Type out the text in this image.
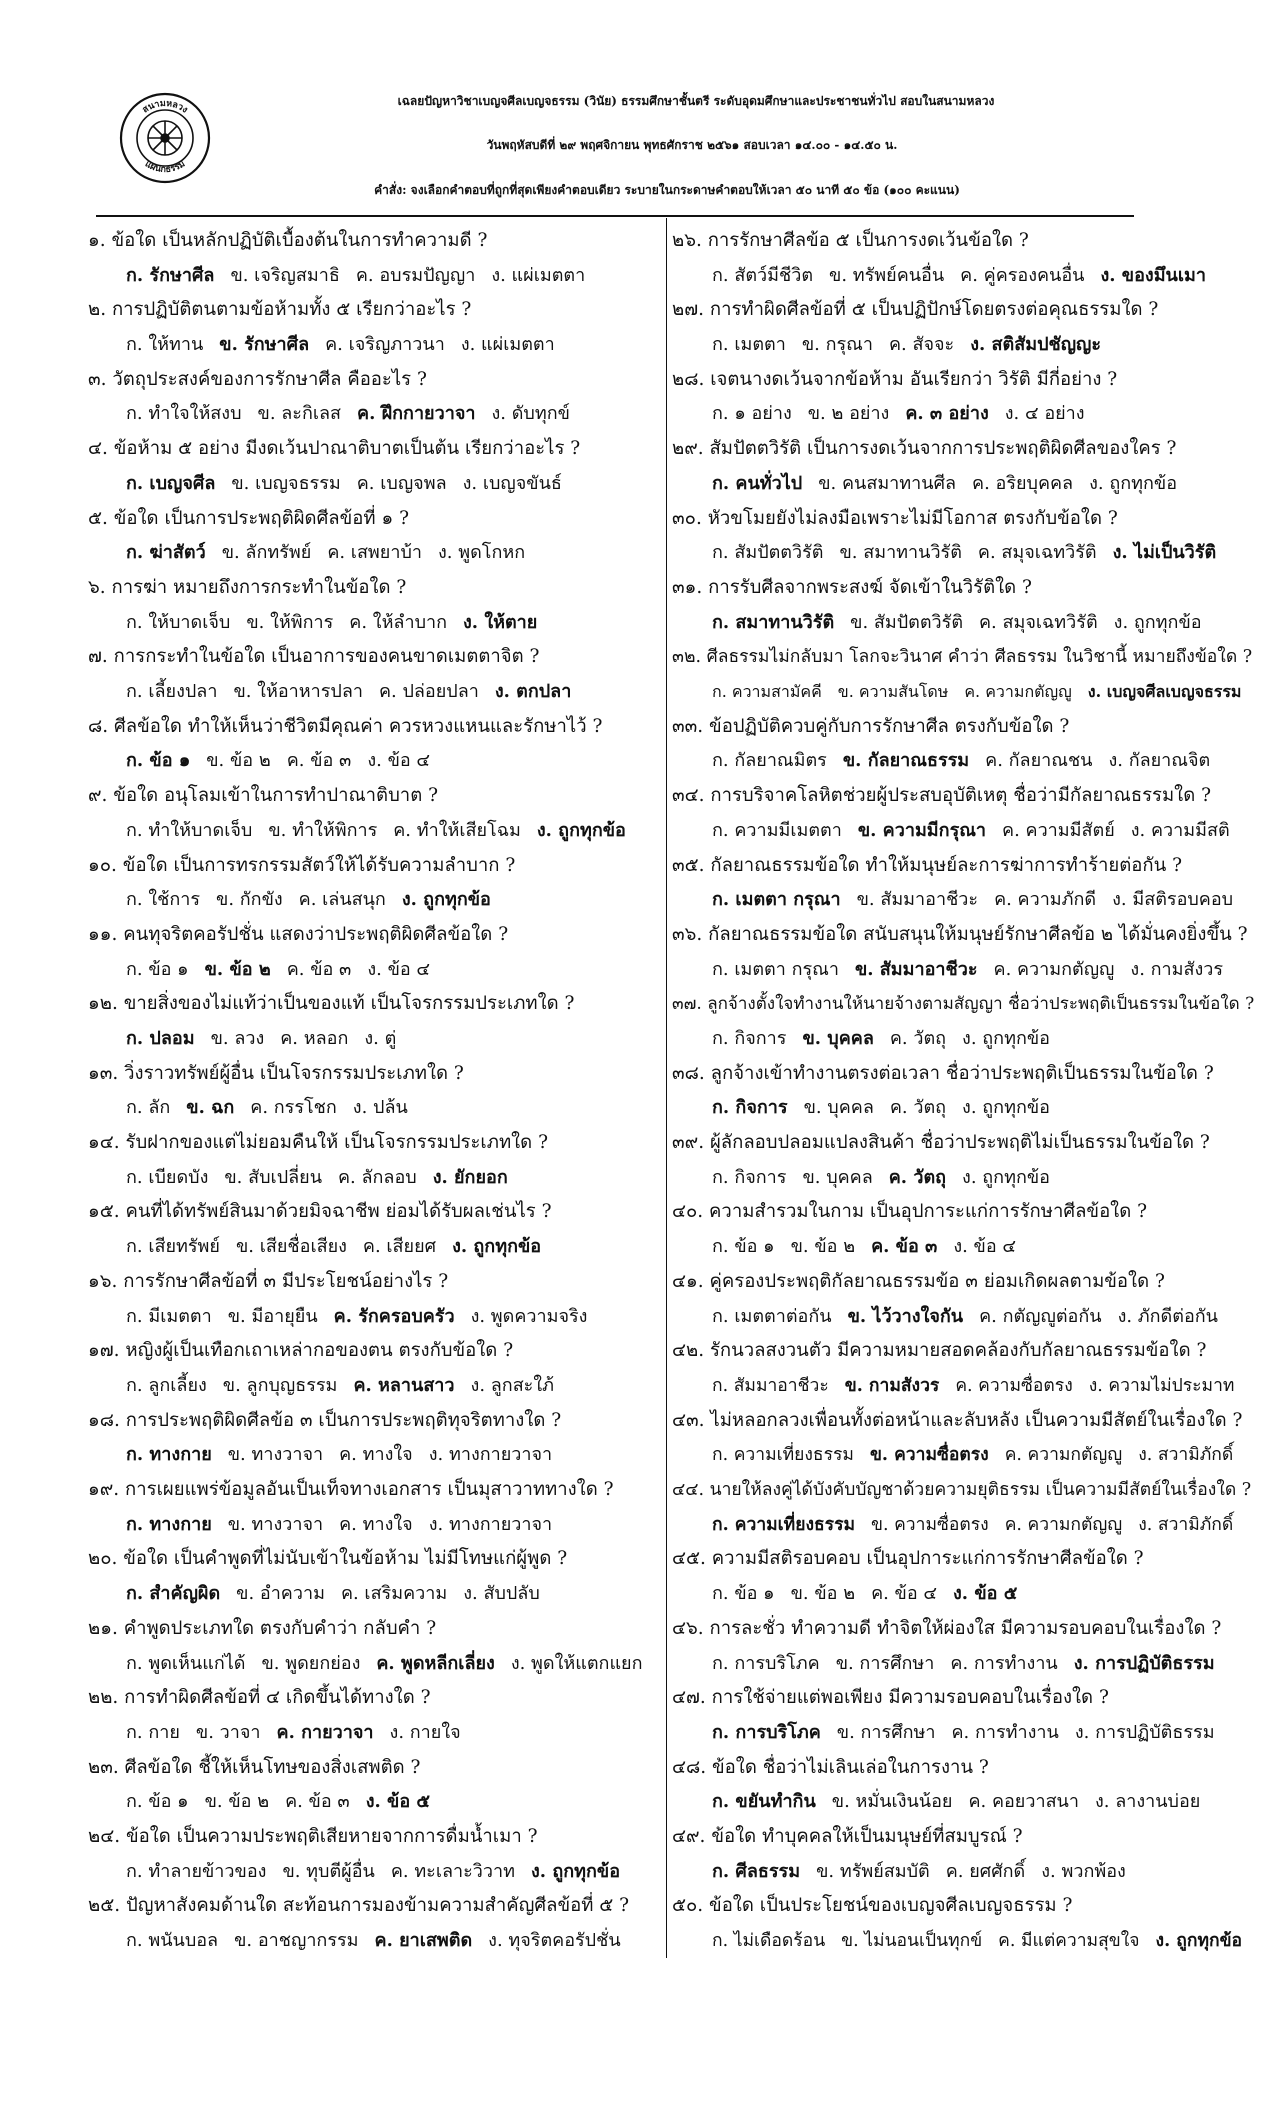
สนามหลวง
แผนกธรรม
เฉลยปัญหาวิชาเบญจศีลเบญจธรรม (วินัย) ธรรมศึกษาชั้นตรี ระดับอุดมศึกษาและประชาชนทั่วไป สอบในสนามหลวง
วันพฤหัสบดีที่ ๒๙ พฤศจิกายน พุทธศักราช ๒๕๖๑ สอบเวลา ๑๔.๐๐ - ๑๔.๕๐ น.
คำสั่ง: จงเลือกคำตอบที่ถูกที่สุดเพียงคำตอบเดียว ระบายในกระดาษคำตอบให้เวลา ๕๐ นาที ๕๐ ข้อ (๑๐๐ คะแนน)
๑. ข้อใด เป็นหลักปฏิบัติเบื้องต้นในการทำความดี ?
ก. รักษาศีล ข. เจริญสมาธิ ค. อบรมปัญญา ง. แผ่เมตตา
๒. การปฏิบัติตนตามข้อห้ามทั้ง ๕ เรียกว่าอะไร ?
ก. ให้ทาน ข. รักษาศีล ค. เจริญภาวนา ง. แผ่เมตตา
๓. วัตถุประสงค์ของการรักษาศีล คืออะไร ?
ก. ทำใจให้สงบ ข. ละกิเลส ค. ฝึกกายวาจา ง. ดับทุกข์
๔. ข้อห้าม ๕ อย่าง มีงดเว้นปาณาติบาตเป็นต้น เรียกว่าอะไร ?
ก. เบญจศีล ข. เบญจธรรม ค. เบญจพล ง. เบญจขันธ์
๕. ข้อใด เป็นการประพฤติผิดศีลข้อที่ ๑ ?
ก. ฆ่าสัตว์ ข. ลักทรัพย์ ค. เสพยาบ้า ง. พูดโกหก
๖. การฆ่า หมายถึงการกระทำในข้อใด ?
ก. ให้บาดเจ็บ ข. ให้พิการ ค. ให้ลำบาก ง. ให้ตาย
๗. การกระทำในข้อใด เป็นอาการของคนขาดเมตตาจิต ?
ก. เลี้ยงปลา ข. ให้อาหารปลา ค. ปล่อยปลา ง. ตกปลา
๘. ศีลข้อใด ทำให้เห็นว่าชีวิตมีคุณค่า ควรหวงแหนและรักษาไว้ ?
ก. ข้อ ๑ ข. ข้อ ๒ ค. ข้อ ๓ ง. ข้อ ๔
๙. ข้อใด อนุโลมเข้าในการทำปาณาติบาต ?
ก. ทำให้บาดเจ็บ ข. ทำให้พิการ ค. ทำให้เสียโฉม ง. ถูกทุกข้อ
๑๐. ข้อใด เป็นการทรกรรมสัตว์ให้ได้รับความลำบาก ?
ก. ใช้การ ข. กักขัง ค. เล่นสนุก ง. ถูกทุกข้อ
๑๑. คนทุจริตคอรัปชั่น แสดงว่าประพฤติผิดศีลข้อใด ?
ก. ข้อ ๑ ข. ข้อ ๒ ค. ข้อ ๓ ง. ข้อ ๔
๑๒. ขายสิ่งของไม่แท้ว่าเป็นของแท้ เป็นโจรกรรมประเภทใด ?
ก. ปลอม ข. ลวง ค. หลอก ง. ตู่
๑๓. วิ่งราวทรัพย์ผู้อื่น เป็นโจรกรรมประเภทใด ?
ก. ลัก ข. ฉก ค. กรรโชก ง. ปล้น
๑๔. รับฝากของแต่ไม่ยอมคืนให้ เป็นโจรกรรมประเภทใด ?
ก. เบียดบัง ข. สับเปลี่ยน ค. ลักลอบ ง. ยักยอก
๑๕. คนที่ได้ทรัพย์สินมาด้วยมิจฉาชีพ ย่อมได้รับผลเช่นไร ?
ก. เสียทรัพย์ ข. เสียชื่อเสียง ค. เสียยศ ง. ถูกทุกข้อ
๑๖. การรักษาศีลข้อที่ ๓ มีประโยชน์อย่างไร ?
ก. มีเมตตา ข. มีอายุยืน ค. รักครอบครัว ง. พูดความจริง
๑๗. หญิงผู้เป็นเทือกเถาเหล่ากอของตน ตรงกับข้อใด ?
ก. ลูกเลี้ยง ข. ลูกบุญธรรม ค. หลานสาว ง. ลูกสะใภ้
๑๘. การประพฤติผิดศีลข้อ ๓ เป็นการประพฤติทุจริตทางใด ?
ก. ทางกาย ข. ทางวาจา ค. ทางใจ ง. ทางกายวาจา
๑๙. การเผยแพร่ข้อมูลอันเป็นเท็จทางเอกสาร เป็นมุสาวาททางใด ?
ก. ทางกาย ข. ทางวาจา ค. ทางใจ ง. ทางกายวาจา
๒๐. ข้อใด เป็นคำพูดที่ไม่นับเข้าในข้อห้าม ไม่มีโทษแก่ผู้พูด ?
ก. สำคัญผิด ข. อำความ ค. เสริมความ ง. สับปลับ
๒๑. คำพูดประเภทใด ตรงกับคำว่า กลับคำ ?
ก. พูดเห็นแก่ได้ ข. พูดยกย่อง ค. พูดหลีกเลี่ยง ง. พูดให้แตกแยก
๒๒. การทำผิดศีลข้อที่ ๔ เกิดขึ้นได้ทางใด ?
ก. กาย ข. วาจา ค. กายวาจา ง. กายใจ
๒๓. ศีลข้อใด ชี้ให้เห็นโทษของสิ่งเสพติด ?
ก. ข้อ ๑ ข. ข้อ ๒ ค. ข้อ ๓ ง. ข้อ ๕
๒๔. ข้อใด เป็นความประพฤติเสียหายจากการดื่มน้ำเมา ?
ก. ทำลายข้าวของ ข. ทุบตีผู้อื่น ค. ทะเลาะวิวาท ง. ถูกทุกข้อ
๒๕. ปัญหาสังคมด้านใด สะท้อนการมองข้ามความสำคัญศีลข้อที่ ๕ ?
ก. พนันบอล ข. อาชญากรรม ค. ยาเสพติด ง. ทุจริตคอรัปชั่น
๒๖. การรักษาศีลข้อ ๕ เป็นการงดเว้นข้อใด ?
ก. สัตว์มีชีวิต ข. ทรัพย์คนอื่น ค. คู่ครองคนอื่น ง. ของมึนเมา
๒๗. การทำผิดศีลข้อที่ ๕ เป็นปฏิปักษ์โดยตรงต่อคุณธรรมใด ?
ก. เมตตา ข. กรุณา ค. สัจจะ ง. สติสัมปชัญญะ
๒๘. เจตนางดเว้นจากข้อห้าม อันเรียกว่า วิรัติ มีกี่อย่าง ?
ก. ๑ อย่าง ข. ๒ อย่าง ค. ๓ อย่าง ง. ๔ อย่าง
๒๙. สัมปัตตวิรัติ เป็นการงดเว้นจากการประพฤติผิดศีลของใคร ?
ก. คนทั่วไป ข. คนสมาทานศีล ค. อริยบุคคล ง. ถูกทุกข้อ
๓๐. หัวขโมยยังไม่ลงมือเพราะไม่มีโอกาส ตรงกับข้อใด ?
ก. สัมปัตตวิรัติ ข. สมาทานวิรัติ ค. สมุจเฉทวิรัติ ง. ไม่เป็นวิรัติ
๓๑. การรับศีลจากพระสงฆ์ จัดเข้าในวิรัติใด ?
ก. สมาทานวิรัติ ข. สัมปัตตวิรัติ ค. สมุจเฉทวิรัติ ง. ถูกทุกข้อ
๓๒. ศีลธรรมไม่กลับมา โลกจะวินาศ คำว่า ศีลธรรม ในวิชานี้ หมายถึงข้อใด ?
ก. ความสามัคคี ข. ความสันโดษ ค. ความกตัญญู ง. เบญจศีลเบญจธรรม
๓๓. ข้อปฏิบัติควบคู่กับการรักษาศีล ตรงกับข้อใด ?
ก. กัลยาณมิตร ข. กัลยาณธรรม ค. กัลยาณชน ง. กัลยาณจิต
๓๔. การบริจาคโลหิตช่วยผู้ประสบอุบัติเหตุ ชื่อว่ามีกัลยาณธรรมใด ?
ก. ความมีเมตตา ข. ความมีกรุณา ค. ความมีสัตย์ ง. ความมีสติ
๓๕. กัลยาณธรรมข้อใด ทำให้มนุษย์ละการฆ่าการทำร้ายต่อกัน ?
ก. เมตตา กรุณา ข. สัมมาอาชีวะ ค. ความภักดี ง. มีสติรอบคอบ
๓๖. กัลยาณธรรมข้อใด สนับสนุนให้มนุษย์รักษาศีลข้อ ๒ ได้มั่นคงยิ่งขึ้น ?
ก. เมตตา กรุณา ข. สัมมาอาชีวะ ค. ความกตัญญู ง. กามสังวร
๓๗. ลูกจ้างตั้งใจทำงานให้นายจ้างตามสัญญา ชื่อว่าประพฤติเป็นธรรมในข้อใด ?
ก. กิจการ ข. บุคคล ค. วัตถุ ง. ถูกทุกข้อ
๓๘. ลูกจ้างเข้าทำงานตรงต่อเวลา ชื่อว่าประพฤติเป็นธรรมในข้อใด ?
ก. กิจการ ข. บุคคล ค. วัตถุ ง. ถูกทุกข้อ
๓๙. ผู้ลักลอบปลอมแปลงสินค้า ชื่อว่าประพฤติไม่เป็นธรรมในข้อใด ?
ก. กิจการ ข. บุคคล ค. วัตถุ ง. ถูกทุกข้อ
๔๐. ความสำรวมในกาม เป็นอุปการะแก่การรักษาศีลข้อใด ?
ก. ข้อ ๑ ข. ข้อ ๒ ค. ข้อ ๓ ง. ข้อ ๔
๔๑. คู่ครองประพฤติกัลยาณธรรมข้อ ๓ ย่อมเกิดผลตามข้อใด ?
ก. เมตตาต่อกัน ข. ไว้วางใจกัน ค. กตัญญูต่อกัน ง. ภักดีต่อกัน
๔๒. รักนวลสงวนตัว มีความหมายสอดคล้องกับกัลยาณธรรมข้อใด ?
ก. สัมมาอาชีวะ ข. กามสังวร ค. ความซื่อตรง ง. ความไม่ประมาท
๔๓. ไม่หลอกลวงเพื่อนทั้งต่อหน้าและลับหลัง เป็นความมีสัตย์ในเรื่องใด ?
ก. ความเที่ยงธรรม ข. ความซื่อตรง ค. ความกตัญญู ง. สวามิภักดิ์
๔๔. นายให้ลงคู่ได้บังคับบัญชาด้วยความยุติธรรม เป็นความมีสัตย์ในเรื่องใด ?
ก. ความเที่ยงธรรม ข. ความซื่อตรง ค. ความกตัญญู ง. สวามิภักดิ์
๔๕. ความมีสติรอบคอบ เป็นอุปการะแก่การรักษาศีลข้อใด ?
ก. ข้อ ๑ ข. ข้อ ๒ ค. ข้อ ๔ ง. ข้อ ๕
๔๖. การละชั่ว ทำความดี ทำจิตให้ผ่องใส มีความรอบคอบในเรื่องใด ?
ก. การบริโภค ข. การศึกษา ค. การทำงาน ง. การปฏิบัติธรรม
๔๗. การใช้จ่ายแต่พอเพียง มีความรอบคอบในเรื่องใด ?
ก. การบริโภค ข. การศึกษา ค. การทำงาน ง. การปฏิบัติธรรม
๔๘. ข้อใด ชื่อว่าไม่เลินเล่อในการงาน ?
ก. ขยันทำกิน ข. หมั่นเงินน้อย ค. คอยวาสนา ง. ลางานบ่อย
๔๙. ข้อใด ทำบุคคลให้เป็นมนุษย์ที่สมบูรณ์ ?
ก. ศีลธรรม ข. ทรัพย์สมบัติ ค. ยศศักดิ์ ง. พวกพ้อง
๕๐. ข้อใด เป็นประโยชน์ของเบญจศีลเบญจธรรม ?
ก. ไม่เดือดร้อน ข. ไม่นอนเป็นทุกข์ ค. มีแต่ความสุขใจ ง. ถูกทุกข้อ
